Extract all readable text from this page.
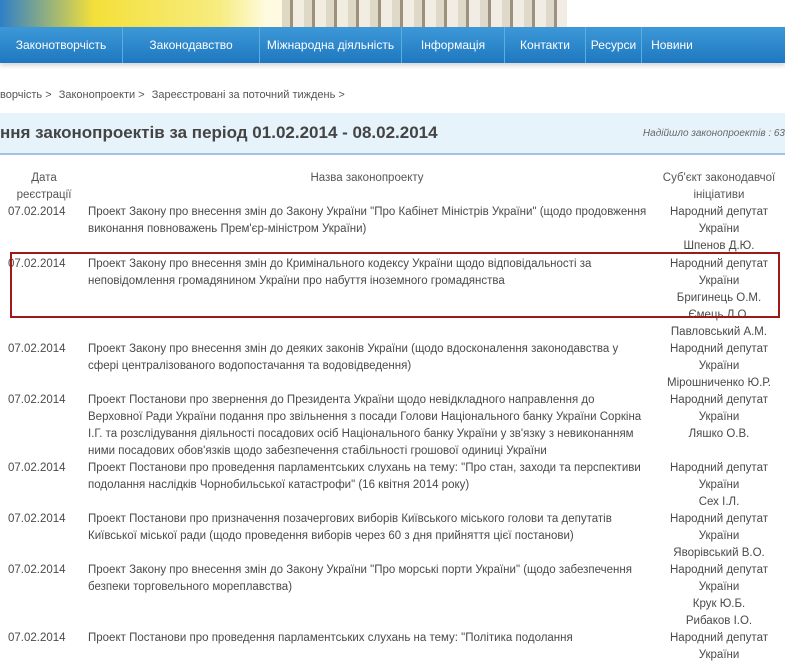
Законотворчість	Законодавство	Міжнародна діяльність	Інформація	Контакти	Ресурси	Новини
ворчість > Законопроекти > Зареєстровані за поточний тиждень >
ння законопроектів за період 01.02.2014 - 08.02.2014	Надійшло законопроектів : 63
Дата реєстрації	Назва законопроекту	Суб'єкт законодавчої ініціативи
07.02.2014	Проект Закону про внесення змін до Закону України "Про Кабінет Міністрів України" (щодо продовження виконання повноважень Прем'єр-міністром України)	Народний депутат України
Шпенов Д.Ю.

07.02.2014	Проект Закону про внесення змін до Кримінального кодексу України щодо відповідальності за неповідомлення громадянином України про набуття іноземного громадянства	Народний депутат України
Бригинець О.М.
Ємець Л.О.
Павловський А.М.

07.02.2014	Проект Закону про внесення змін до деяких законів України (щодо вдосконалення законодавства у сфері централізованого водопостачання та водовідведення)	Народний депутат України
Мірошниченко Ю.Р.

07.02.2014	Проект Постанови про звернення до Президента України щодо невідкладного направлення до Верховної Ради України подання про звільнення з посади Голови Національного банку України Соркіна І.Г. та розслідування діяльності посадових осіб Національного банку України у зв'язку з невиконанням ними посадових обов'язків щодо забезпечення стабільності грошової одиниці України	Народний депутат України
Ляшко О.В.

07.02.2014	Проект Постанови про проведення парламентських слухань на тему: "Про стан, заходи та перспективи подолання наслідків Чорнобильської катастрофи" (16 квітня 2014 року)	Народний депутат України
Сех І.Л.

07.02.2014	Проект Постанови про призначення позачергових виборів Київського міського голови та депутатів Київської міської ради (щодо проведення виборів через 60 з дня прийняття цієї постанови)	Народний депутат України
Яворівський В.О.

07.02.2014	Проект Закону про внесення змін до Закону України "Про морські порти України" (щодо забезпечення безпеки торговельного мореплавства)	Народний депутат України
Крук Ю.Б.
Рибаков І.О.

07.02.2014	Проект Постанови про проведення парламентських слухань на тему: "Політика подолання	Народний депутат України
